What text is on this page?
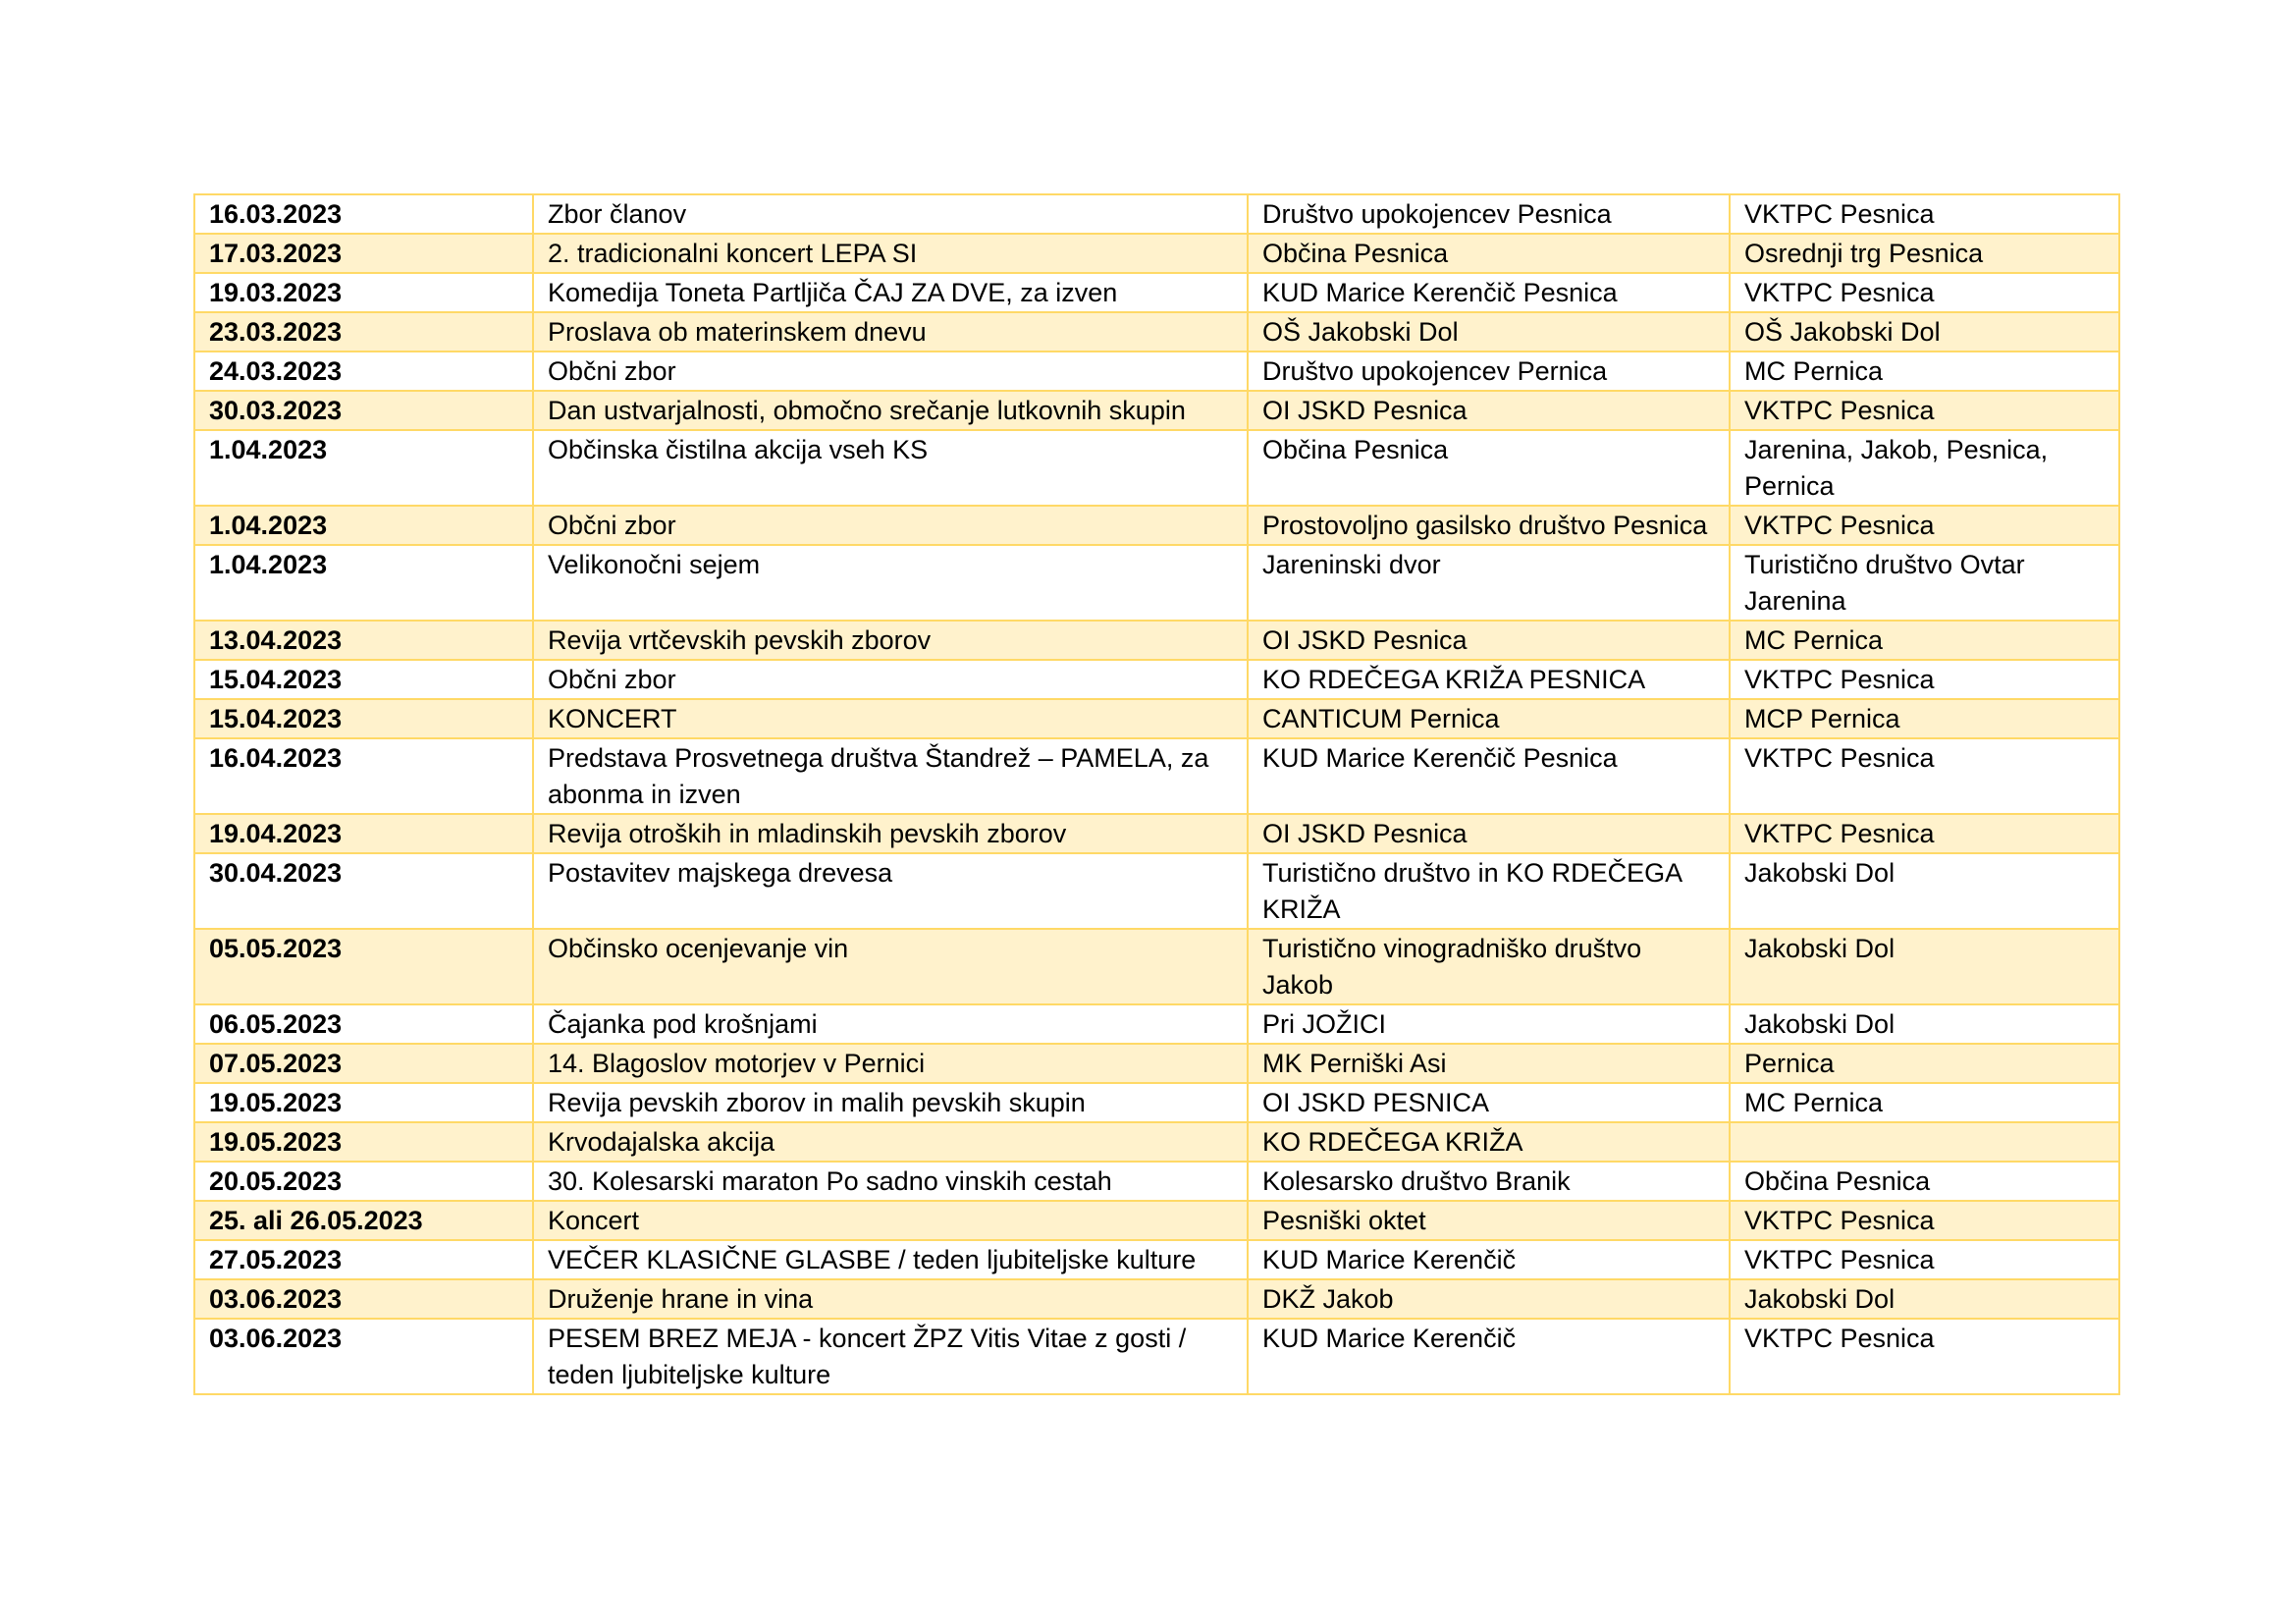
16.03.2023	Zbor članov	Društvo upokojencev Pesnica	VKTPC Pesnica
17.03.2023	2. tradicionalni koncert LEPA SI	Občina Pesnica	Osrednji trg Pesnica
19.03.2023	Komedija Toneta Partljiča ČAJ ZA DVE, za izven	KUD Marice Kerenčič Pesnica	VKTPC Pesnica
23.03.2023	Proslava ob materinskem dnevu	OŠ Jakobski Dol	OŠ Jakobski Dol
24.03.2023	Občni zbor	Društvo upokojencev Pernica	MC Pernica
30.03.2023	Dan ustvarjalnosti, območno srečanje lutkovnih skupin	OI JSKD Pesnica	VKTPC Pesnica
1.04.2023	Občinska čistilna akcija vseh KS	Občina Pesnica	Jarenina, Jakob, Pesnica, Pernica
1.04.2023	Občni zbor	Prostovoljno gasilsko društvo Pesnica	VKTPC Pesnica
1.04.2023	Velikonočni sejem	Jareninski dvor	Turistično društvo Ovtar Jarenina
13.04.2023	Revija vrtčevskih pevskih zborov	OI JSKD Pesnica	MC Pernica
15.04.2023	Občni zbor	KO RDEČEGA KRIŽA PESNICA	VKTPC Pesnica
15.04.2023	KONCERT	CANTICUM Pernica	MCP Pernica
16.04.2023	Predstava Prosvetnega društva Štandrež – PAMELA, za abonma in izven	KUD Marice Kerenčič Pesnica	VKTPC Pesnica
19.04.2023	Revija otroških in mladinskih pevskih zborov	OI JSKD Pesnica	VKTPC Pesnica
30.04.2023	Postavitev majskega drevesa	Turistično društvo in KO RDEČEGA KRIŽA	Jakobski Dol
05.05.2023	Občinsko ocenjevanje vin	Turistično vinogradniško društvo Jakob	Jakobski Dol
06.05.2023	Čajanka pod krošnjami	Pri JOŽICI	Jakobski Dol
07.05.2023	14. Blagoslov motorjev v Pernici	MK Perniški Asi	Pernica
19.05.2023	Revija pevskih zborov in malih pevskih skupin	OI JSKD PESNICA	MC Pernica
19.05.2023	Krvodajalska akcija	KO RDEČEGA KRIŽA	
20.05.2023	30. Kolesarski maraton Po sadno vinskih cestah	Kolesarsko društvo Branik	Občina Pesnica
25. ali 26.05.2023	Koncert	Pesniški oktet	VKTPC Pesnica
27.05.2023	VEČER KLASIČNE GLASBE / teden ljubiteljske kulture	KUD Marice Kerenčič	VKTPC Pesnica
03.06.2023	Druženje hrane in vina	DKŽ Jakob	Jakobski Dol
03.06.2023	PESEM BREZ MEJA - koncert ŽPZ Vitis Vitae z gosti / teden ljubiteljske kulture	KUD Marice Kerenčič	VKTPC Pesnica
